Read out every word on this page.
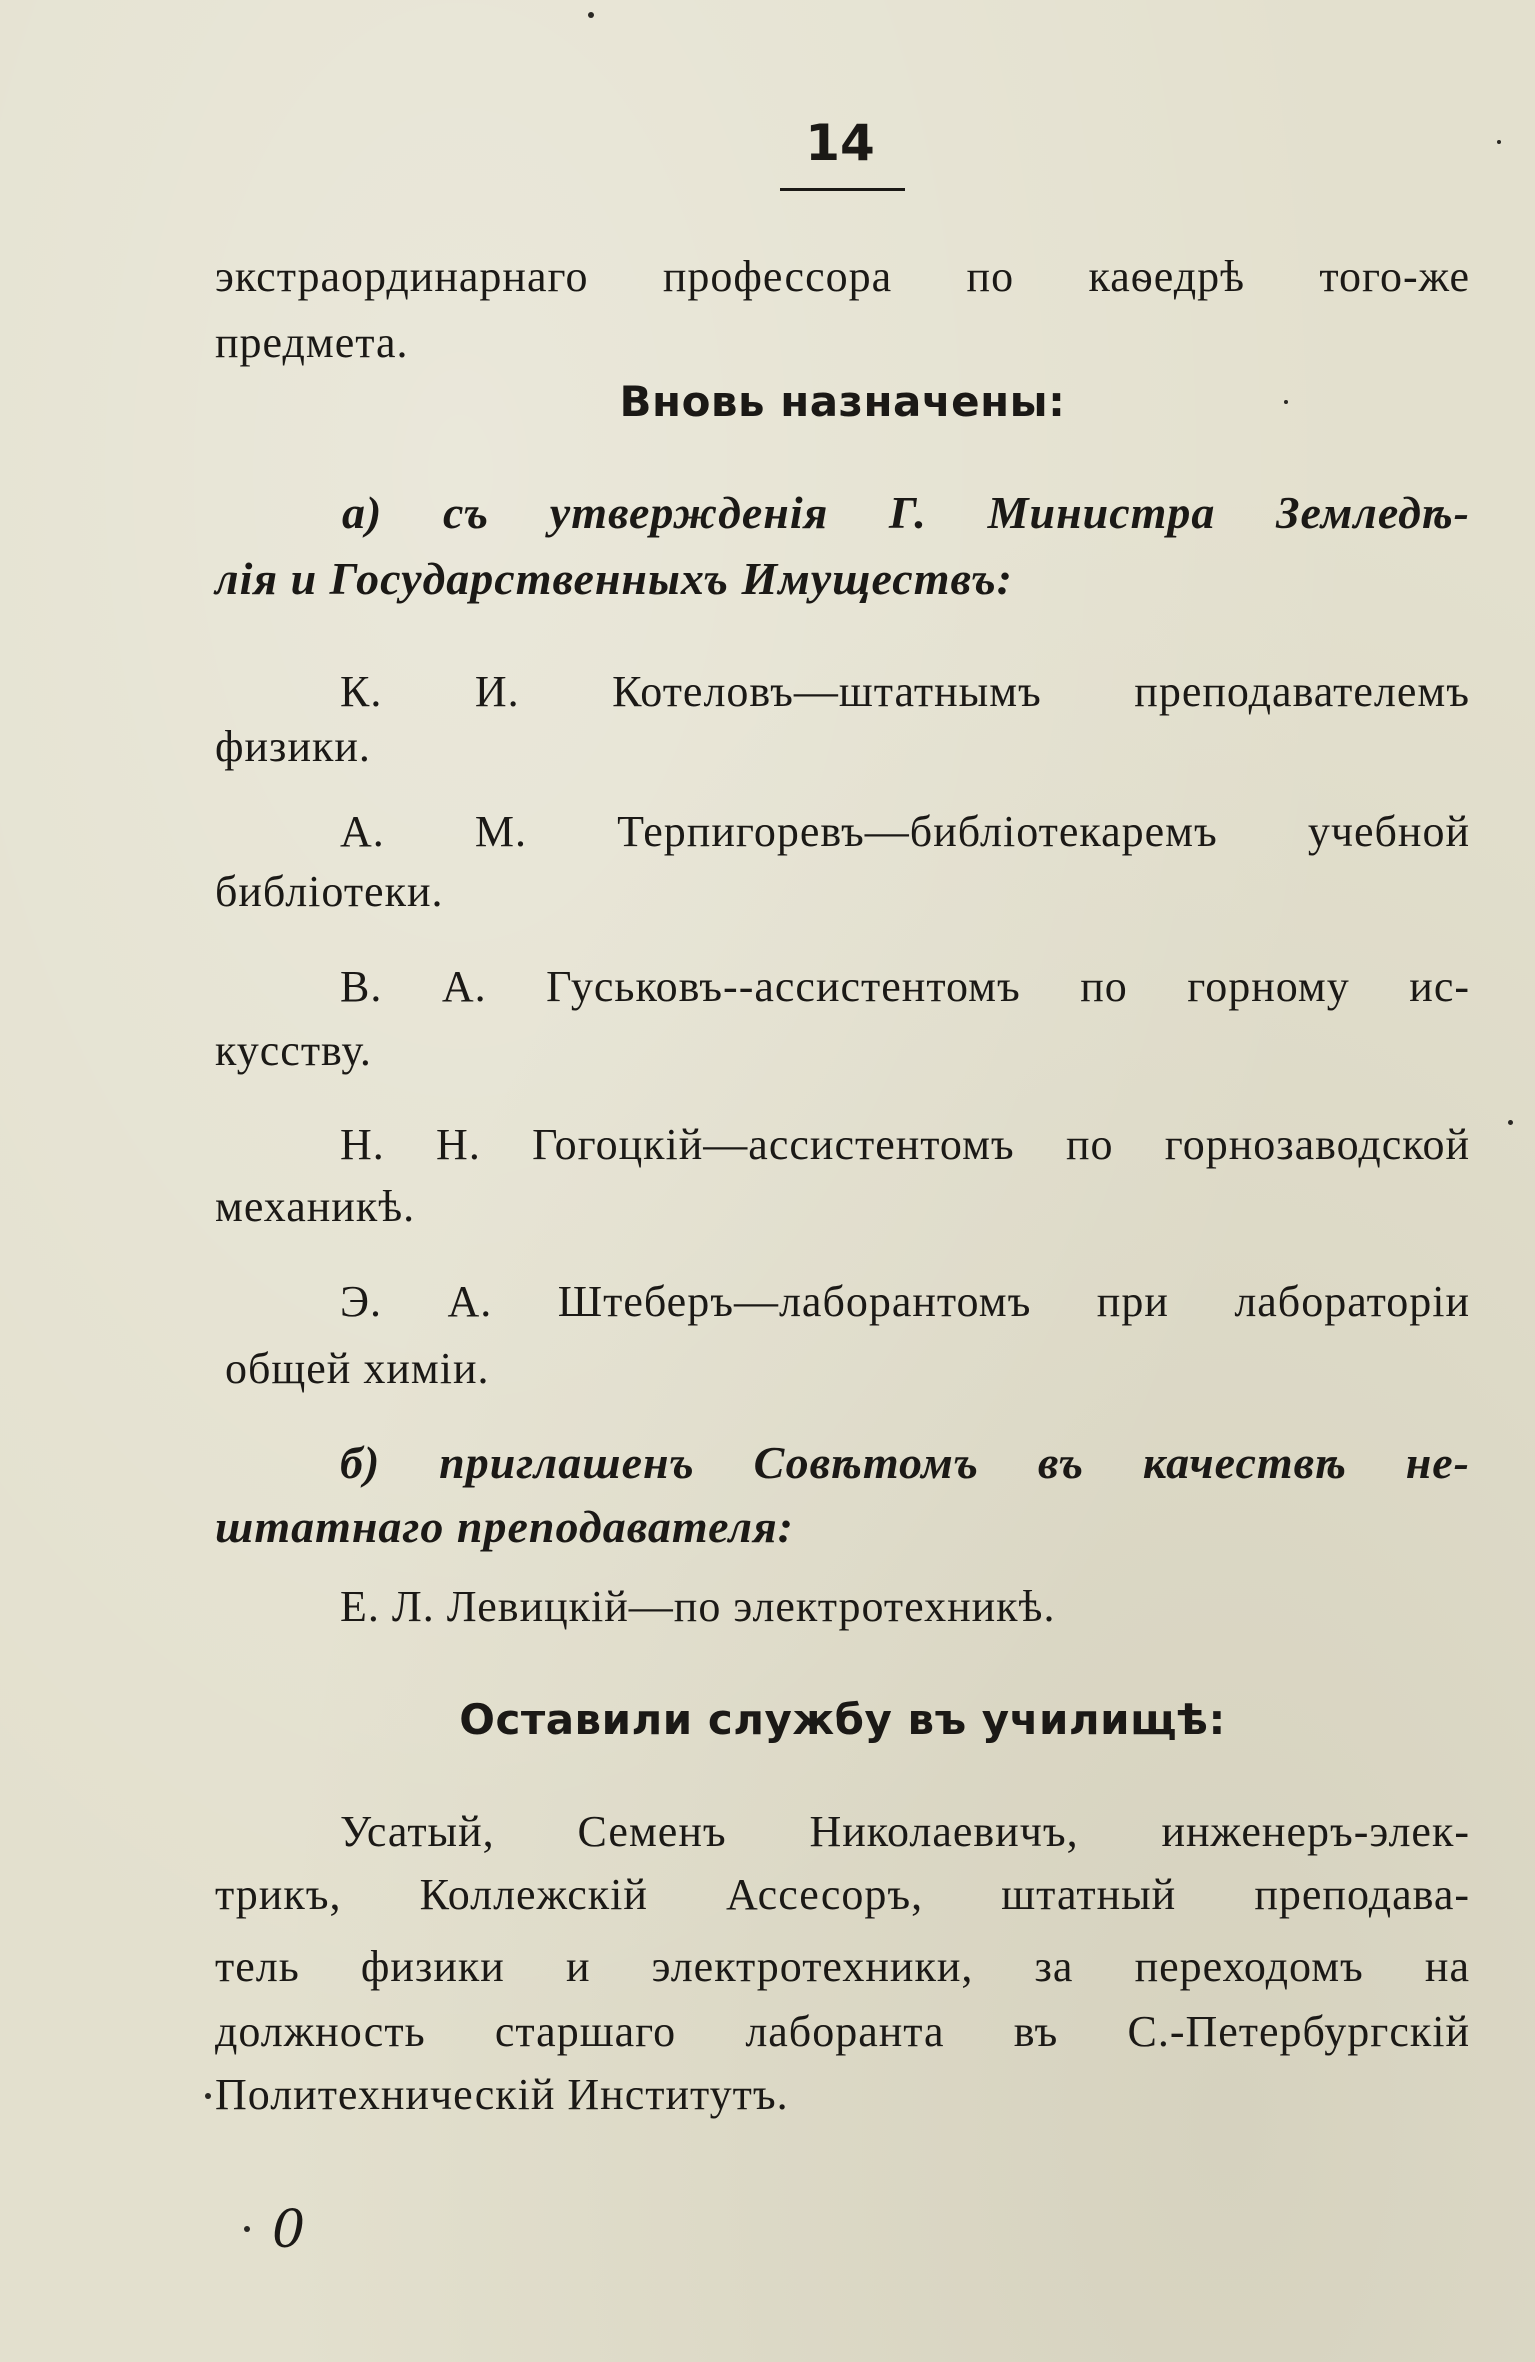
14
экстраординарнаго профессора по каѳедрѣ того-же
предмета.
Вновь назначены:
а) съ утвержденія Г. Министра Земледѣ-
лія и Государственныхъ Имуществъ:
К. И. Котеловъ—штатнымъ преподавателемъ
физики.
А. М. Терпигоревъ—библіотекаремъ учебной
библіотеки.
В. А. Гуськовъ--ассистентомъ по горному ис-
кусству.
Н. Н. Гогоцкій—ассистентомъ по горнозаводской
механикѣ.
Э. А. Штеберъ—лаборантомъ при лабораторіи
общей химіи.
б) приглашенъ Совѣтомъ въ качествѣ не-
штатнаго преподавателя:
Е. Л. Левицкій—по электротехникѣ.
Оставили службу въ училищѣ:
Усатый, Семенъ Николаевичъ, инженеръ-элек-
трикъ, Коллежскій Ассесоръ, штатный преподава-
тель физики и электротехники, за переходомъ на
должность старшаго лаборанта въ С.-Петербургскій
Политехническій Институтъ.
0
